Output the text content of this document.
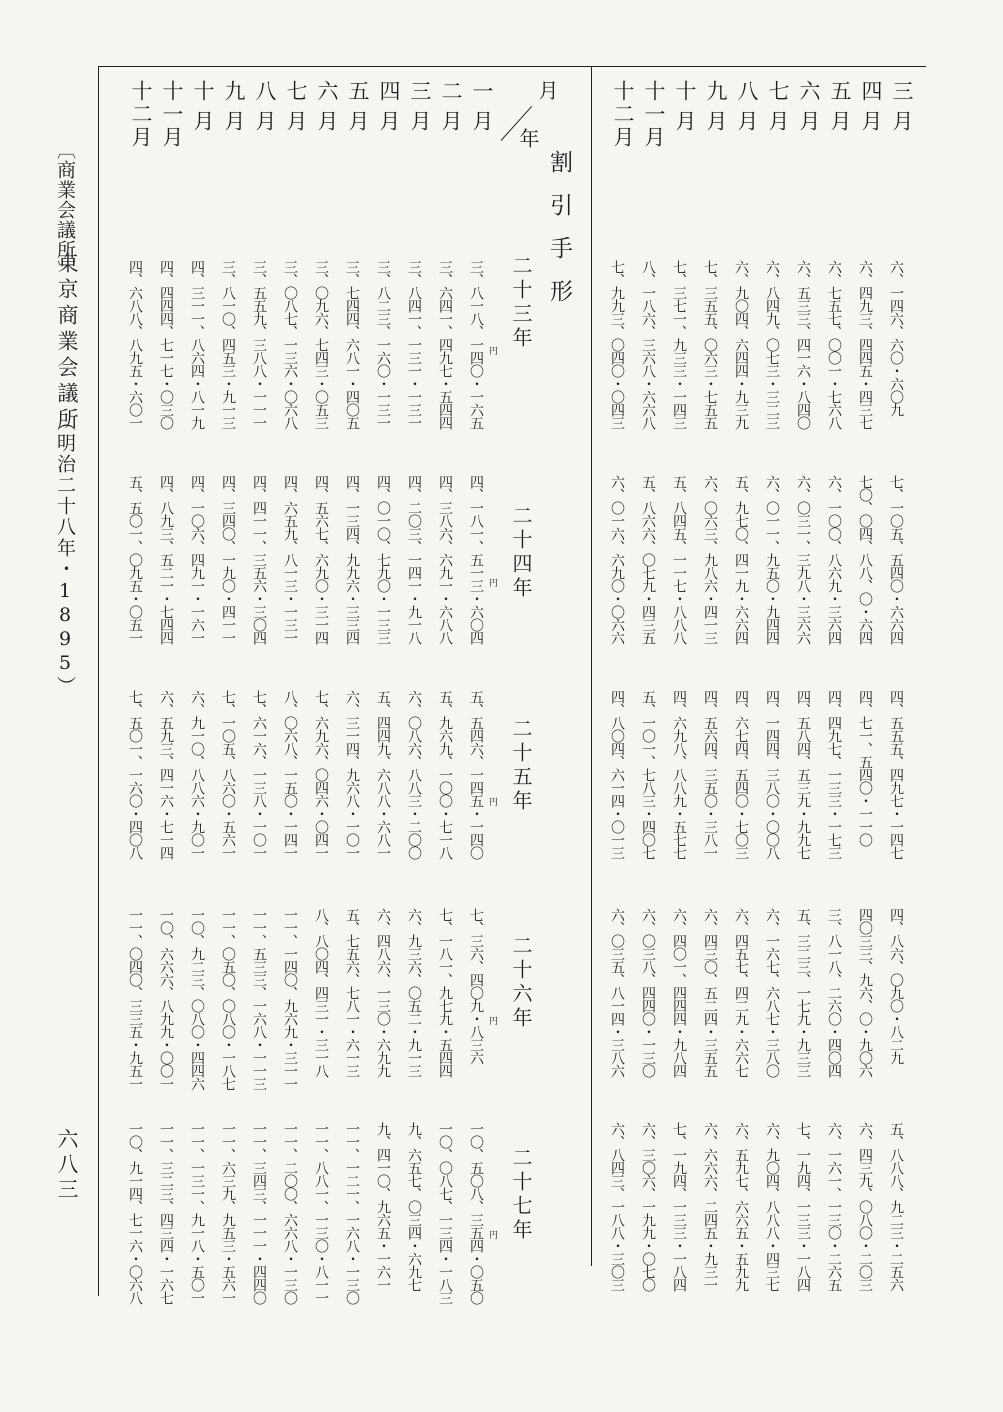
〔商業会議所〕
東京商業会議所
（明治二十八年・1895）
六八三
月
年
割引手形
二十三年
二十四年
二十五年
二十六年
二十七年
円
円
円
円
円
三月
四月
五月
六月
七月
八月
九月
十月
十一月
十二月
一月
二月
三月
四月
五月
六月
七月
八月
九月
十月
十一月
十二月
六、一四六、六〇・六〇九
七、一〇五、五四〇・六六四
四、五五五、四九七・一四七
四、八六、〇九〇・八二九
五、八八八、九二三・二五六
六、四九三、四四五・四三七
七〇、〇四、八八、〇・六四
四、七一、五四〇・一一〇
四〇三三、九六、〇・九〇六
六、四三九、〇八〇・二〇三
六、七五七、〇〇一・七六八
六、一〇〇、八六九・三六四
四、四九七、一三三・一七三
三、八一八、二六〇・四〇四
六、一六一、一三〇・二六五
六、五三三、四一六・八四〇
六、〇三一、三九八・三六六
四、五八四、五三九・九九七
五、三二三、一七九・九三三
七、一九四、一三三・一八四
六、八四九、〇七三・三二三
六、〇一一、九五〇・九四四
四、一四四、三八〇・〇〇八
六、一六七、六八七・三八〇
六、九〇四、八八八・四三七
六、九〇四、六四四・九三九
五、九七〇、四一九・六六四
四、六七四、五四〇・七〇三
六、四五七、四二九・六六七
六、五九七、六六五・五九九
七、三五五、〇六三・七五五
六、〇六三、九八六・四一三
四、五六四、三五〇・三八一
六、四三〇、五二四・三五五
六、六六六、二四五・九三一
七、三七一、九三三・一四三
五、八四五、一一七・八八八
四、六九八、八八九・五七七
六、四〇一、四四四・九八四
七、一九四、一三三・一八四
八、一八六、三六八・六六八
五、八六六、〇七九・四三五
五、一〇一、七八三・四〇七
六、〇三八、四四〇・一三〇
六、三〇六、一九九・〇七〇
七、九九三、〇四〇・〇四三
六、〇一六、六九〇・〇六六
四、八〇四、六一四・〇一三
六、〇三五、八一四・三八六
六、八四三、一八八・三〇三
三、八一八、一四〇・一六五
四、一八一、五一三・六〇四
五、五四六、一四五・一四〇
七、三六、四〇九・八三六
一〇、五〇八、三五四・〇五〇
三、六四一、四九七・五四四
四、三八六、六九一・六八八
五、九六九、一〇〇・七一八
七、一八一、九七九・五四四
一〇、〇八七、一三四・一八三
三、八四一、一三一・一三一
四、二〇三、一四一・九一八
六、〇八六、八八三・二〇〇
六、九三六、〇五二・九一三
九、六五七、〇三四・六九七
三、八二三、一六〇・一三一
四、〇一〇、七九〇・一三三
五、四四九、六八八・六八一
六、四八六、一三〇・六九九
九、四一〇、九六五・一六一
三、七四四、六八一・四〇五
四、一三四、九九六・三三四
六、三一四、九六八・一〇一
五、七五六、七八一・六一三
一一、一二一、一六八・一三〇
三、〇九六、七四三・〇五三
四、五六七、六九〇・三一四
七、六九六、〇四六・〇四一
八、八〇四、四三一・三一八
一一、八八一、一三〇・八一一
三、〇八七、一三六・〇六八
四、六五九、八一三・一三一
八、〇六八、一五〇・一四一
一一、一四〇、九六九・三一一
一一、二〇〇、六六八・一三〇
三、五五九、三八八・一一一
四、四一一、三五六・三〇四
七、六一六、一三八・一〇一
一一、五三三、一六八・一一三
一一、三四三、一一一・四四〇
三、八一〇、四五三・九一三
四、三四〇、一九〇・四一一
七、一〇五、八六〇・五六一
一一、〇五〇、〇八〇・一八七
一一、六三九、九五三・五六一
四、三一一、八六四・八一九
四、一〇六、四九一・一六一
六、九一〇、八八六・九〇一
一〇、九二三、〇八〇・四四六
一一、一三一、九一八・五〇一
四、四四四、七一七・〇三〇
四、八九三、五二一・七四四
六、五九三、四一六・七一四
一〇、六六六、八九九・〇〇一
一一、三二三、四三四・一六七
四、六八八、八九五・六〇一
五、五〇一、〇九五・〇五一
七、五〇一、一六〇・四〇八
一一、〇四〇、三三五・九五一
一〇、九一四、七一六・〇六八
